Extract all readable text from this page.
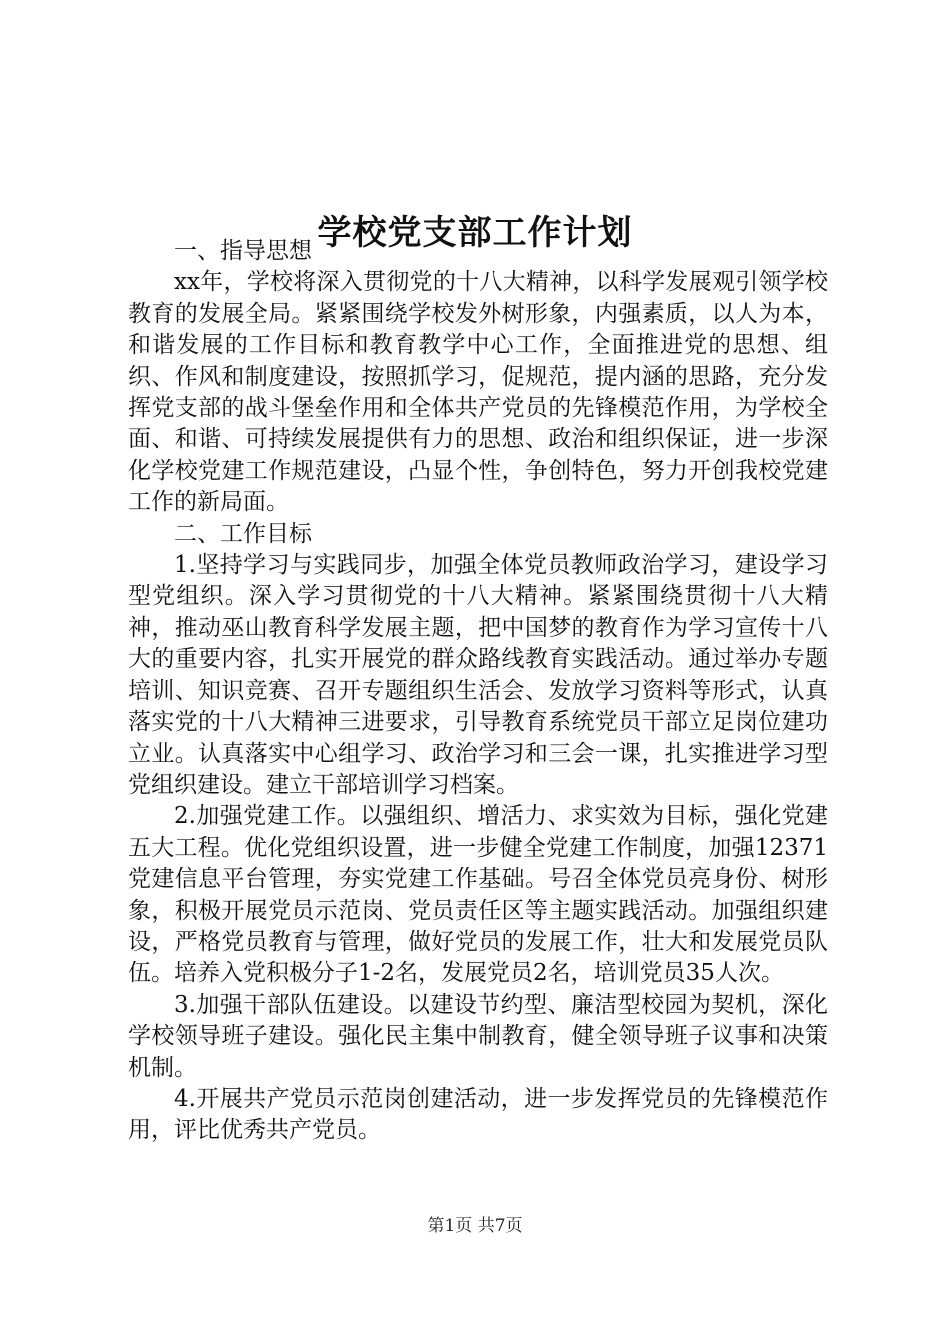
学校党支部工作计划

一、指导思想

xx年，学校将深入贯彻党的十八大精神，以科学发展观引领学校教育的发展全局。紧紧围绕学校发外树形象，内强素质，以人为本，和谐发展的工作目标和教育教学中心工作，全面推进党的思想、组织、作风和制度建设，按照抓学习，促规范，提内涵的思路，充分发挥党支部的战斗堡垒作用和全体共产党员的先锋模范作用，为学校全面、和谐、可持续发展提供有力的思想、政治和组织保证，进一步深化学校党建工作规范建设，凸显个性，争创特色，努力开创我校党建工作的新局面。

二、工作目标

1.坚持学习与实践同步，加强全体党员教师政治学习，建设学习型党组织。深入学习贯彻党的十八大精神。紧紧围绕贯彻十八大精神，推动巫山教育科学发展主题，把中国梦的教育作为学习宣传十八大的重要内容，扎实开展党的群众路线教育实践活动。通过举办专题培训、知识竞赛、召开专题组织生活会、发放学习资料等形式，认真落实党的十八大精神三进要求，引导教育系统党员干部立足岗位建功立业。认真落实中心组学习、政治学习和三会一课，扎实推进学习型党组织建设。建立干部培训学习档案。

2.加强党建工作。以强组织、增活力、求实效为目标，强化党建五大工程。优化党组织设置，进一步健全党建工作制度，加强12371党建信息平台管理，夯实党建工作基础。号召全体党员亮身份、树形象，积极开展党员示范岗、党员责任区等主题实践活动。加强组织建设，严格党员教育与管理，做好党员的发展工作，壮大和发展党员队伍。培养入党积极分子1-2名，发展党员2名，培训党员35人次。

3.加强干部队伍建设。以建设节约型、廉洁型校园为契机，深化学校领导班子建设。强化民主集中制教育，健全领导班子议事和决策机制。

4.开展共产党员示范岗创建活动，进一步发挥党员的先锋模范作用，评比优秀共产党员。

第1页 共7页
